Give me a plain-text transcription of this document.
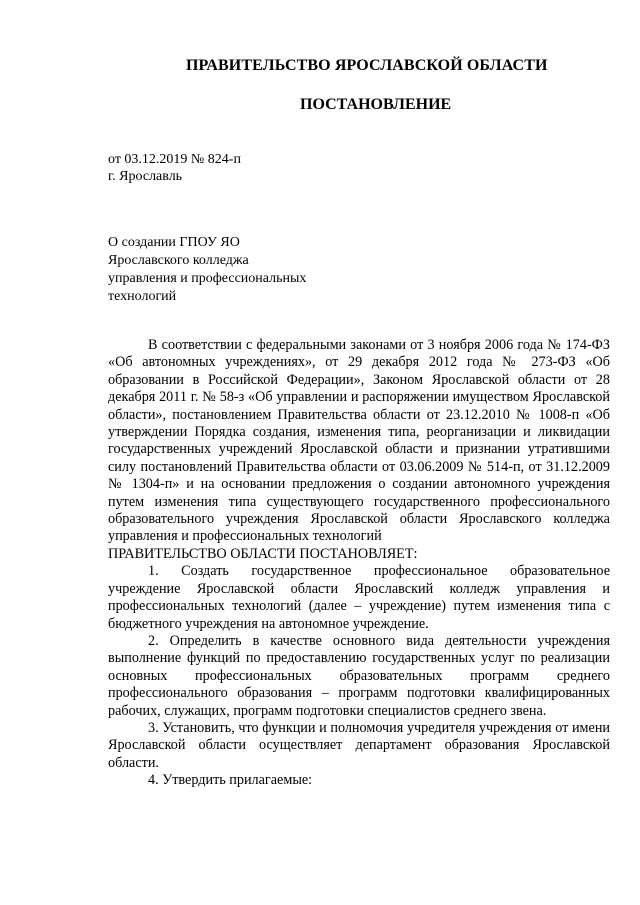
ПРАВИТЕЛЬСТВО ЯРОСЛАВСКОЙ ОБЛАСТИ
ПОСТАНОВЛЕНИЕ
от 03.12.2019 № 824-п
г. Ярославль
О создании ГПОУ ЯО
Ярославского колледжа
управления и профессиональных
технологий

В соответствии с федеральными законами от 3 ноября 2006 года № 174-ФЗ «Об автономных учреждениях», от 29 декабря 2012 года № 273-ФЗ «Об образовании в Российской Федерации», Законом Ярославской области от 28 декабря 2011 г. № 58-з «Об управлении и распоряжении имуществом Ярославской области», постановлением Правительства области от 23.12.2010 № 1008-п «Об утверждении Порядка создания, изменения типа, реорганизации и ликвидации государственных учреждений Ярославской области и признании утратившими силу постановлений Правительства области от 03.06.2009 № 514-п, от 31.12.2009 № 1304-п» и на основании предложения о создании автономного учреждения путем изменения типа существующего государственного профессионального образовательного учреждения Ярославской области Ярославского колледжа управления и профессиональных технологий

ПРАВИТЕЛЬСТВО ОБЛАСТИ ПОСТАНОВЛЯЕТ:

1. Создать государственное профессиональное образовательное учреждение Ярославской области Ярославский колледж управления и профессиональных технологий (далее – учреждение) путем изменения типа с бюджетного учреждения на автономное учреждение.

2. Определить в качестве основного вида деятельности учреждения выполнение функций по предоставлению государственных услуг по реализации основных профессиональных образовательных программ среднего профессионального образования – программ подготовки квалифицированных рабочих, служащих, программ подготовки специалистов среднего звена.

3. Установить, что функции и полномочия учредителя учреждения от имени Ярославской области осуществляет департамент образования Ярославской области.

4. Утвердить прилагаемые:
